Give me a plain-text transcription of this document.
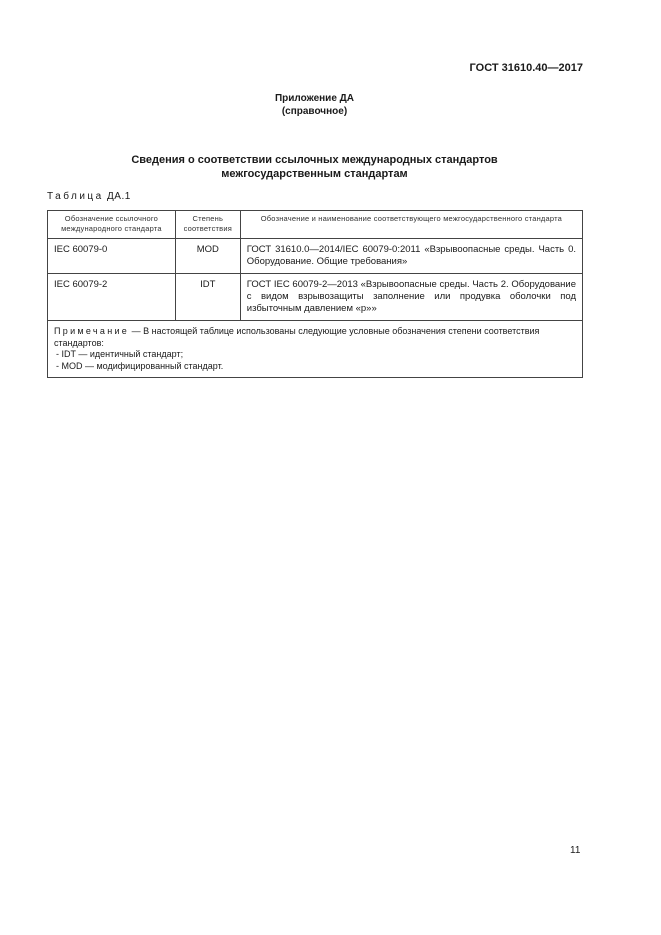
ГОСТ 31610.40—2017
Приложение ДА
(справочное)
Сведения о соответствии ссылочных международных стандартов
межгосударственным стандартам
Таблица ДА.1
Обозначение ссылочного международного стандарта	Степень соответствия	Обозначение и наименование соответствующего межгосударственного стандарта
IEC 60079-0	MOD	ГОСТ 31610.0—2014/IEC 60079-0:2011 «Взрывоопасные среды. Часть 0. Оборудование. Общие требования»
IEC 60079-2	IDT	ГОСТ IEC 60079-2—2013 «Взрывоопасные среды. Часть 2. Оборудование с видом взрывозащиты заполнение или продувка оболочки под избыточным давлением «р»»

Примечание — В настоящей таблице использованы следующие условные обозначения степени соответствия стандартов:
- IDT — идентичный стандарт;
- MOD — модифицированный стандарт.		
11
